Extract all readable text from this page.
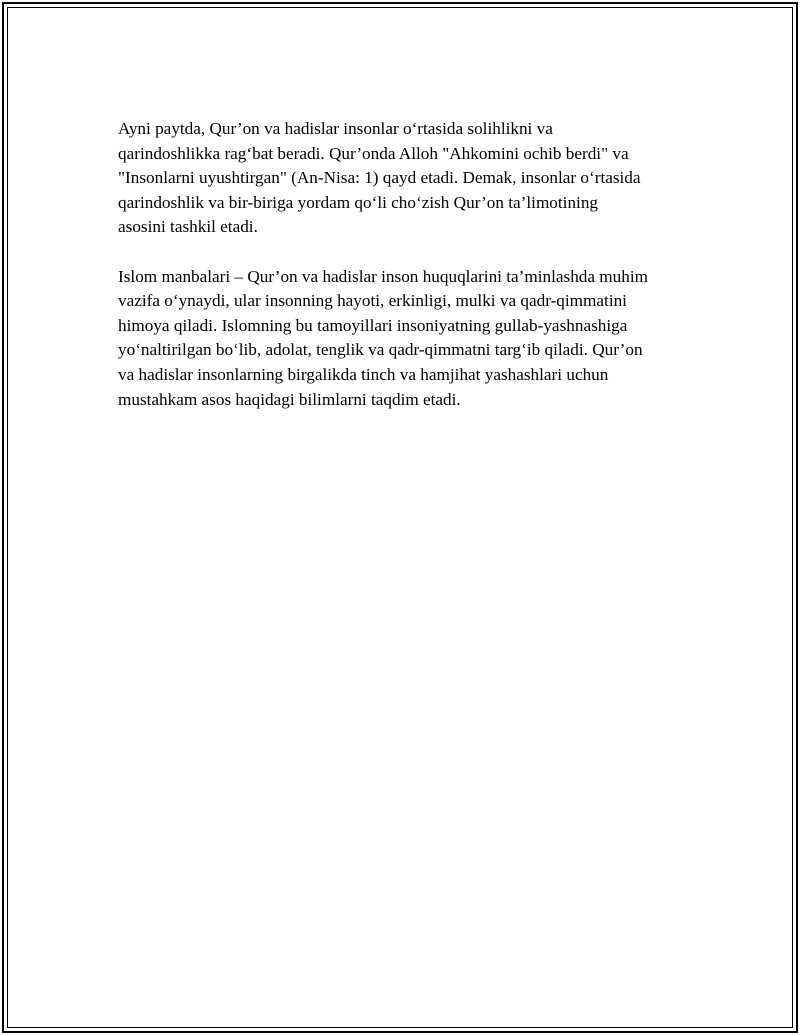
Ayni paytda, Qur’on va hadislar insonlar o‘rtasida solihlikni va
qarindoshlikka rag‘bat beradi. Qur’onda Alloh "Ahkomini ochib berdi" va
"Insonlarni uyushtirgan" (An-Nisa: 1) qayd etadi. Demak, insonlar o‘rtasida
qarindoshlik va bir-biriga yordam qo‘li cho‘zish Qur’on ta’limotining
asosini tashkil etadi.

Islom manbalari – Qur’on va hadislar inson huquqlarini ta’minlashda muhim
vazifa o‘ynaydi, ular insonning hayoti, erkinligi, mulki va qadr-qimmatini
himoya qiladi. Islomning bu tamoyillari insoniyatning gullab-yashnashiga
yo‘naltirilgan bo‘lib, adolat, tenglik va qadr-qimmatni targ‘ib qiladi. Qur’on
va hadislar insonlarning birgalikda tinch va hamjihat yashashlari uchun
mustahkam asos haqidagi bilimlarni taqdim etadi.
